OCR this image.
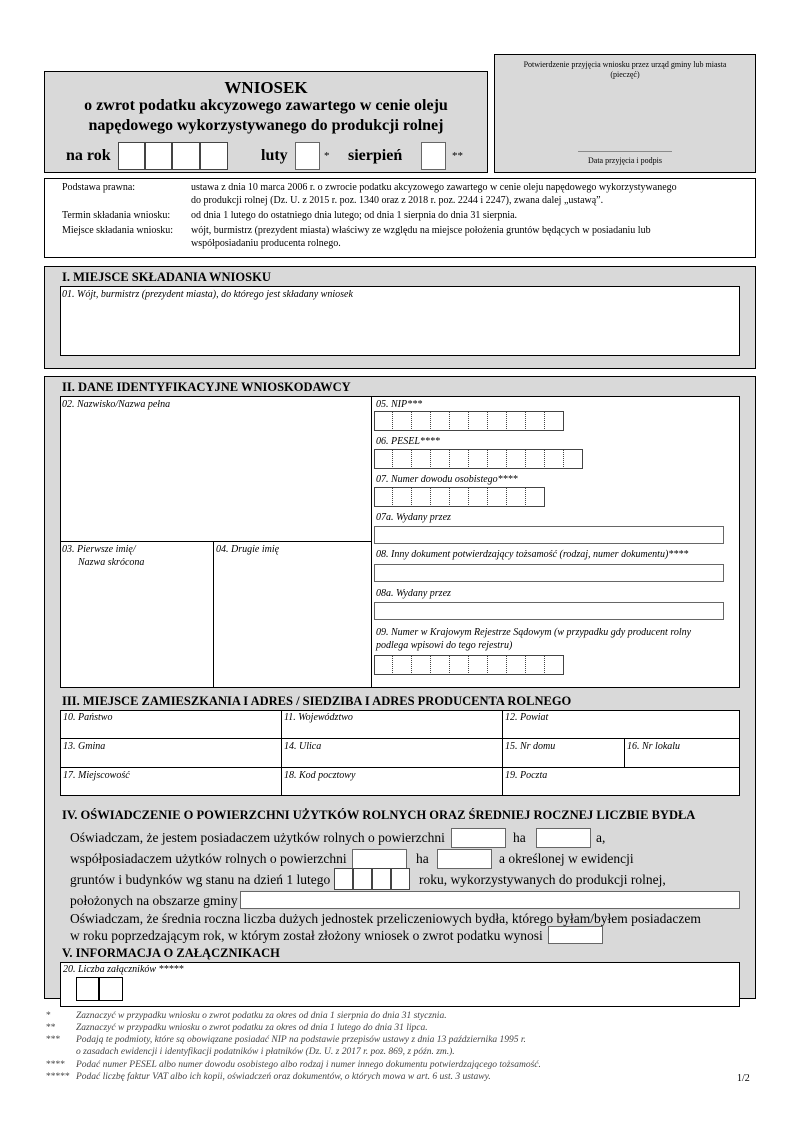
WNIOSEK
o zwrot podatku akcyzowego zawartego w cenie oleju
napędowego wykorzystywanego do produkcji rolnej
na rok	luty	* sierpień	**
Potwierdzenie przyjęcia wniosku przez urząd gminy lub miasta
(pieczęć)
...............................................
Data przyjęcia i podpis
Podstawa prawna:	ustawa z dnia 10 marca 2006 r. o zwrocie podatku akcyzowego zawartego w cenie oleju napędowego wykorzystywanego
do produkcji rolnej (Dz. U. z 2015 r. poz. 1340 oraz z 2018 r. poz. 2244 i 2247), zwana dalej „ustawą”.
Termin składania wniosku: od dnia 1 lutego do ostatniego dnia lutego; od dnia 1 sierpnia do dnia 31 sierpnia.
Miejsce składania wniosku: wójt, burmistrz (prezydent miasta) właściwy ze względu na miejsce położenia gruntów będących w posiadaniu lub
współposiadaniu producenta rolnego.
I. MIEJSCE SKŁADANIA WNIOSKU
01. Wójt, burmistrz (prezydent miasta), do którego jest składany wniosek
II. DANE IDENTYFIKACYJNE WNIOSKODAWCY
02. Nazwisko/Nazwa pełna
03. Pierwsze imię/
Nazwa skrócona
04. Drugie imię
05. NIP***
06. PESEL****
07. Numer dowodu osobistego****
07a. Wydany przez
08. Inny dokument potwierdzający tożsamość (rodzaj, numer dokumentu)****
08a. Wydany przez
09. Numer w Krajowym Rejestrze Sądowym (w przypadku gdy producent rolny
podlega wpisowi do tego rejestru)
III. MIEJSCE ZAMIESZKANIA I ADRES / SIEDZIBA I ADRES PRODUCENTA ROLNEGO
10. Państwo	11. Województwo	12. Powiat
13. Gmina	14. Ulica	15. Nr domu	16. Nr lokalu
17. Miejscowość	18. Kod pocztowy	19. Poczta
IV. OŚWIADCZENIE O POWIERZCHNI UŻYTKÓW ROLNYCH ORAZ ŚREDNIEJ ROCZNEJ LICZBIE BYDŁA
Oświadczam, że jestem posiadaczem użytków rolnych o powierzchni	ha	a,
współposiadaczem użytków rolnych o powierzchni	ha	a określonej w ewidencji
gruntów i budynków wg stanu na dzień 1 lutego	roku, wykorzystywanych do produkcji rolnej,
położonych na obszarze gminy
Oświadczam, że średnia roczna liczba dużych jednostek przeliczeniowych bydła, którego byłam/byłem posiadaczem
w roku poprzedzającym rok, w którym został złożony wniosek o zwrot podatku wynosi
V. INFORMACJA O ZAŁĄCZNIKACH
20. Liczba załączników *****
*	Zaznaczyć w przypadku wniosku o zwrot podatku za okres od dnia 1 sierpnia do dnia 31 stycznia.
** Zaznaczyć w przypadku wniosku o zwrot podatku za okres od dnia 1 lutego do dnia 31 lipca.
*** Podają te podmioty, które są obowiązane posiadać NIP na podstawie przepisów ustawy z dnia 13 października 1995 r.
o zasadach ewidencji i identyfikacji podatników i płatników (Dz. U. z 2017 r. poz. 869, z późn. zm.).
**** Podać numer PESEL albo numer dowodu osobistego albo rodzaj i numer innego dokumentu potwierdzającego tożsamość.
***** Podać liczbę faktur VAT albo ich kopii, oświadczeń oraz dokumentów, o których mowa w art. 6 ust. 3 ustawy.	1/2
